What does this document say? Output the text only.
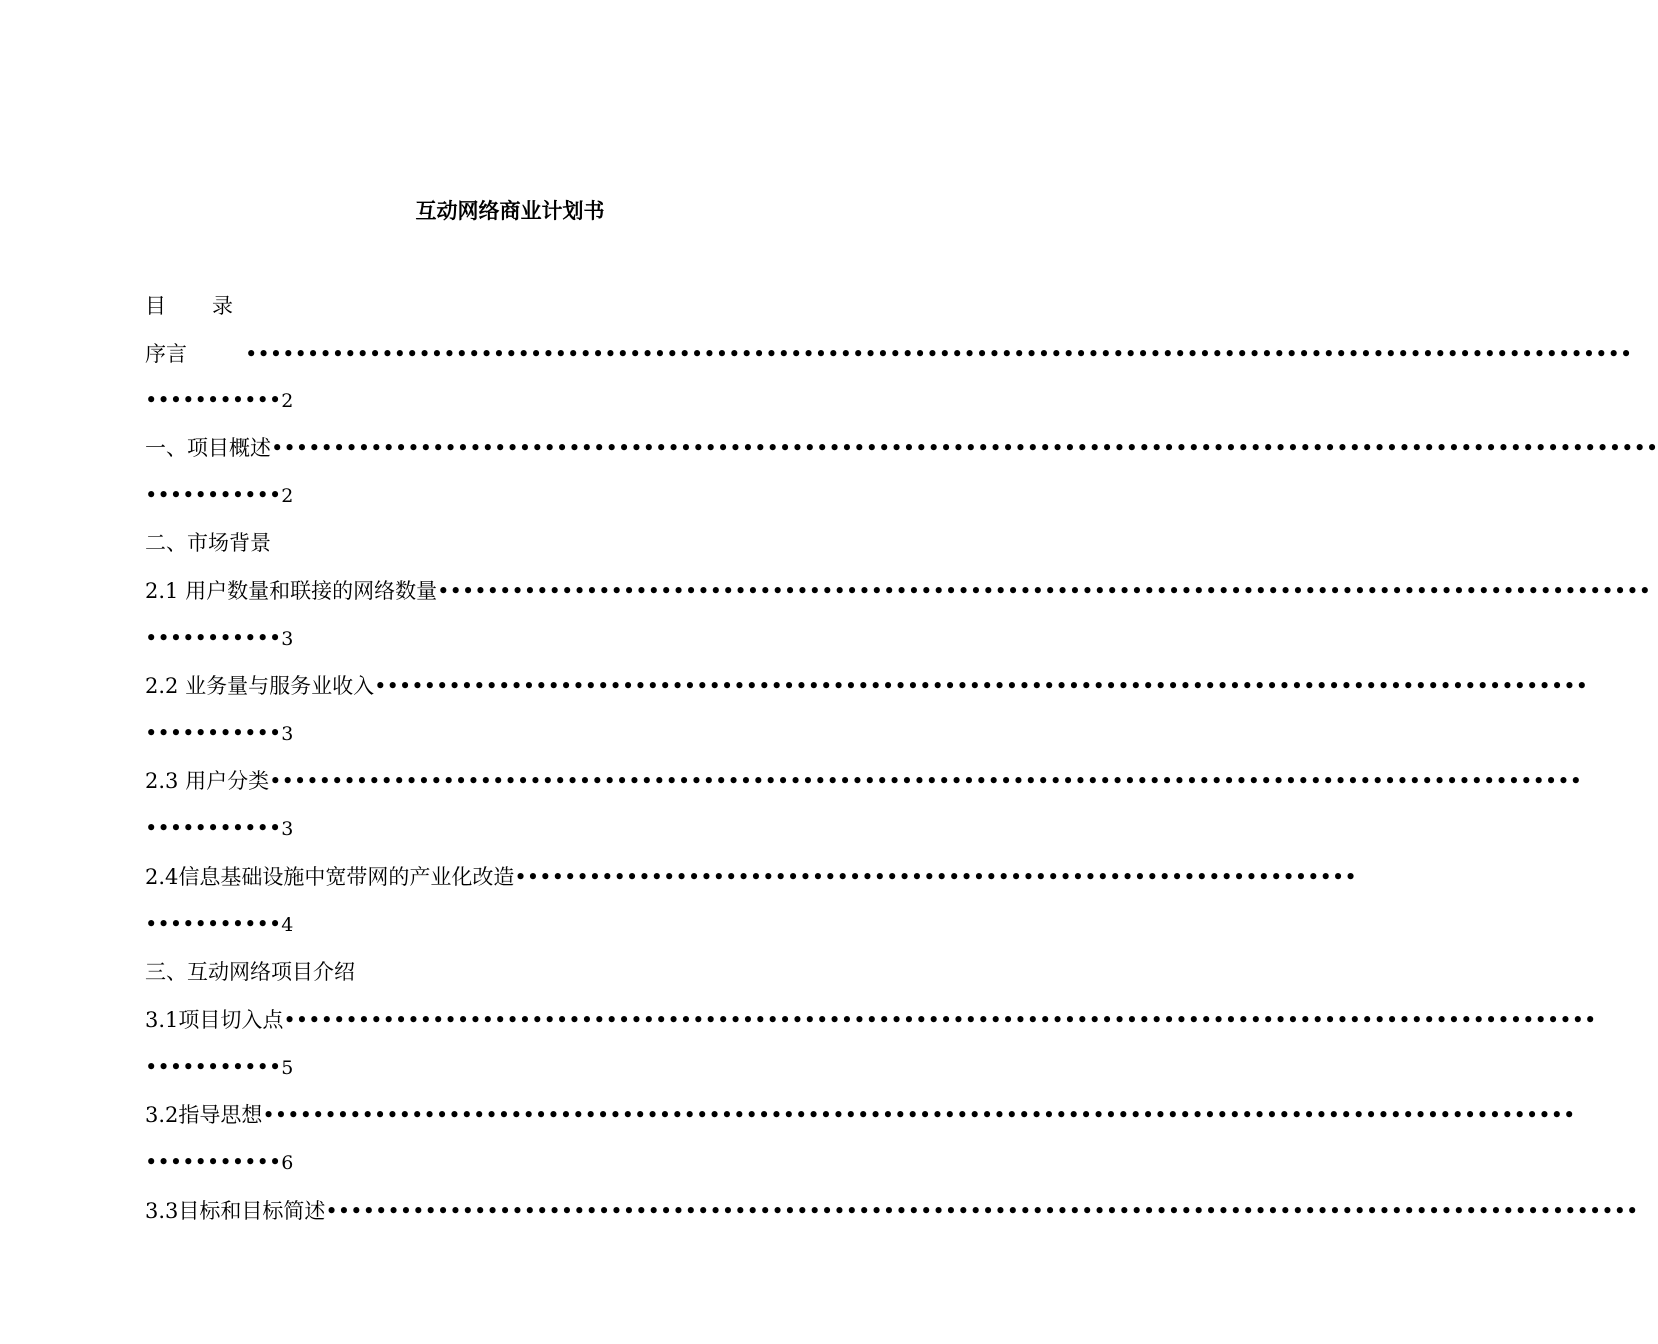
互动网络商业计划书
目 录
序言	••••••••••••••••••••••••••••••••••••••••••••••••••••••••••••••••••••••••••••••••••••••••••••••••••••••••••••••••
•••••••••••2
一、项目概述••••••••••••••••••••••••••••••••••••••••••••••••••••••••••••••••••••••••••••••••••••••••••••••••••••••••••••••••
•••••••••••2
二、市场背景
2.1 用户数量和联接的网络数量••••••••••••••••••••••••••••••••••••••••••••••••••••••••••••••••••••••••••••••••••••••••••••••••••
•••••••••••3
2.2 业务量与服务业收入••••••••••••••••••••••••••••••••••••••••••••••••••••••••••••••••••••••••••••••••••••••••••••••••••
•••••••••••3
2.3 用户分类••••••••••••••••••••••••••••••••••••••••••••••••••••••••••••••••••••••••••••••••••••••••••••••••••••••••••
•••••••••••3
2.4信息基础设施中宽带网的产业化改造••••••••••••••••••••••••••••••••••••••••••••••••••••••••••••••••••••
•••••••••••4
三、互动网络项目介绍
3.1项目切入点••••••••••••••••••••••••••••••••••••••••••••••••••••••••••••••••••••••••••••••••••••••••••••••••••••••••••
•••••••••••5
3.2指导思想••••••••••••••••••••••••••••••••••••••••••••••••••••••••••••••••••••••••••••••••••••••••••••••••••••••••••
•••••••••••6
3.3目标和目标简述••••••••••••••••••••••••••••••••••••••••••••••••••••••••••••••••••••••••••••••••••••••••••••••••••••••••••
